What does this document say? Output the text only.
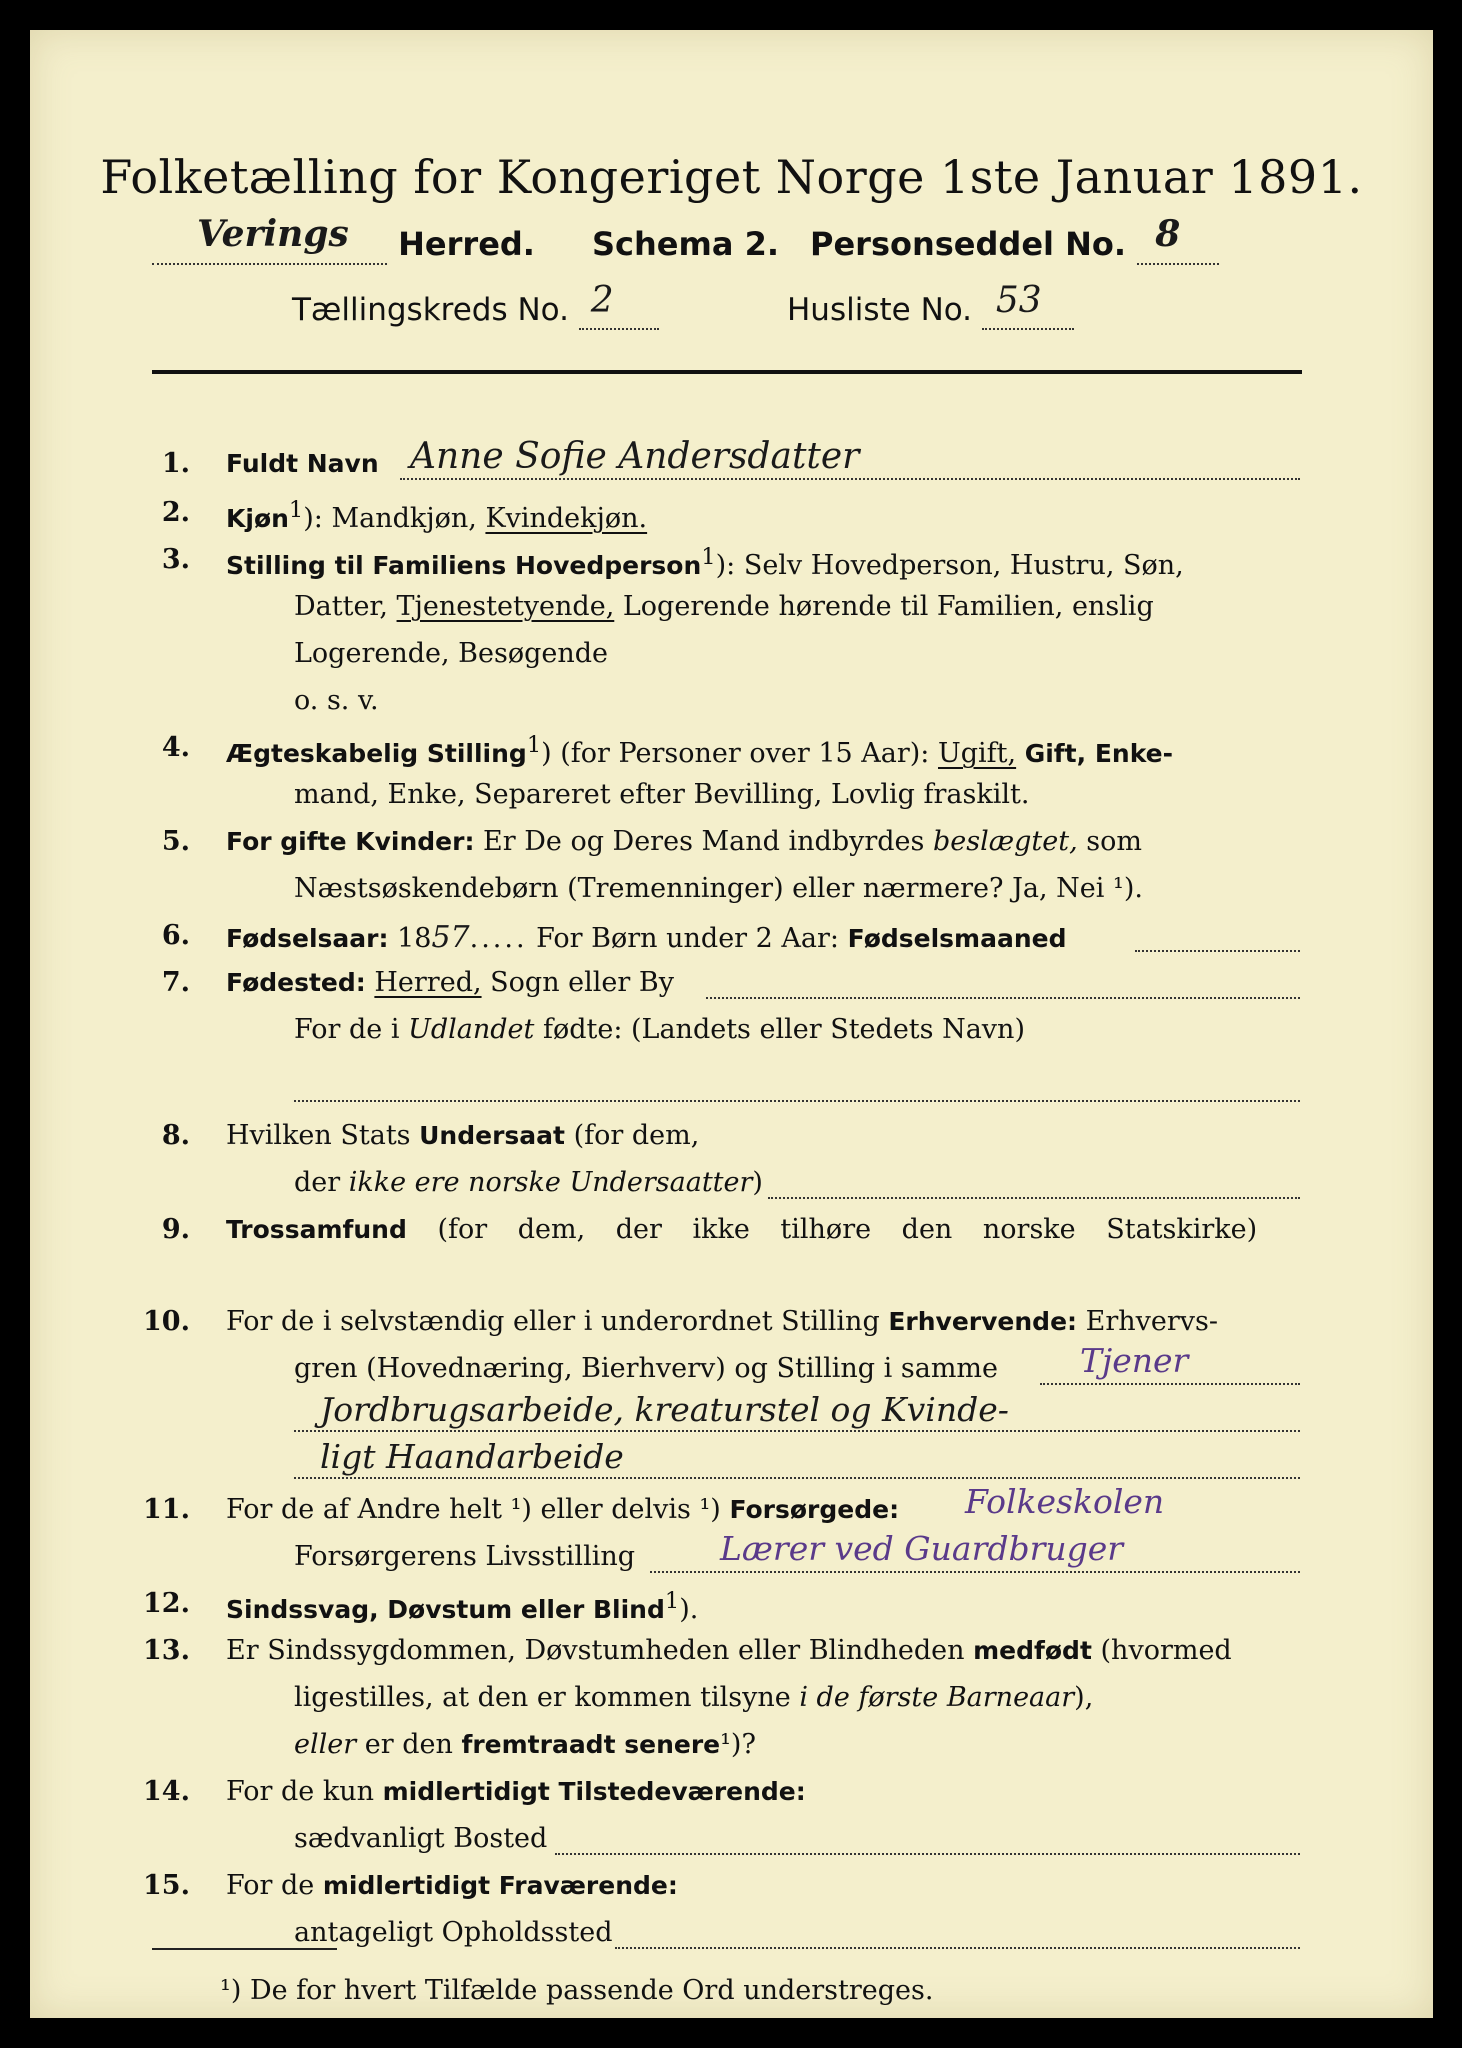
Folketælling for Kongeriget Norge 1ste Januar 1891.
Verings Herred. Schema 2. Personseddel No. 8

Tællingskreds No. 2
	Husliste No. 53

1. Fuldt Navn Anne Sofie Andersdatter
2. Kjøn$^1$): Mandkjøn, Kvindekjøn.
3. Stilling til Familiens Hovedperson$^1$): Selv Hovedperson, Hustru, Søn,
Datter, Tjenestetyende, Logerende hørende til Familien, enslig
Logerende, Besøgende
o. s. v.
4. Ægteskabelig Stilling$^1$) (for Personer over 15 Aar): Ugift, Gift, Enke-
mand, Enke, Separeret efter Bevilling, Lovlig fraskilt.
5. For gifte Kvinder: Er De og Deres Mand indbyrdes beslægtet, som
Næstsøskendebørn (Tremenninger) eller nærmere? Ja, Nei ¹).
6. Fødselsaar: 1857..... For Børn under 2 Aar: Fødselsmaaned
7. Fødested: Herred, Sogn eller By
For de i Udlandet fødte: (Landets eller Stedets Navn)
8. Hvilken Stats Undersaat (for dem,
der ikke ere norske Undersaatter)
9. Trossamfund (for dem, der ikke tilhøre den norske Statskirke)
10. For de i selvstændig eller i underordnet Stilling Erhvervende: Erhvervs-
gren (Hovednæring, Bierhverv) og Stilling i samme Tjener
Jordbrugsarbeide, kreaturstel og Kvinde-
ligt Haandarbeide
11. For de af Andre helt ¹) eller delvis ¹) Forsørgede: Folkeskolen
Forsørgerens Livsstilling	Lærer ved Guardbruger
12. Sindssvag, Døvstum eller Blind$^1$).
13. Er Sindssygdommen, Døvstumheden eller Blindheden medfødt (hvormed
ligestilles, at den er kommen tilsyne i de første Barneaar),
eller er den fremtraadt senere¹)?
14. For de kun midlertidigt Tilstedeværende:
sædvanligt Bosted
15. For de midlertidigt Fraværende:
antageligt Opholdssted
¹) De for hvert Tilfælde passende Ord understreges.
